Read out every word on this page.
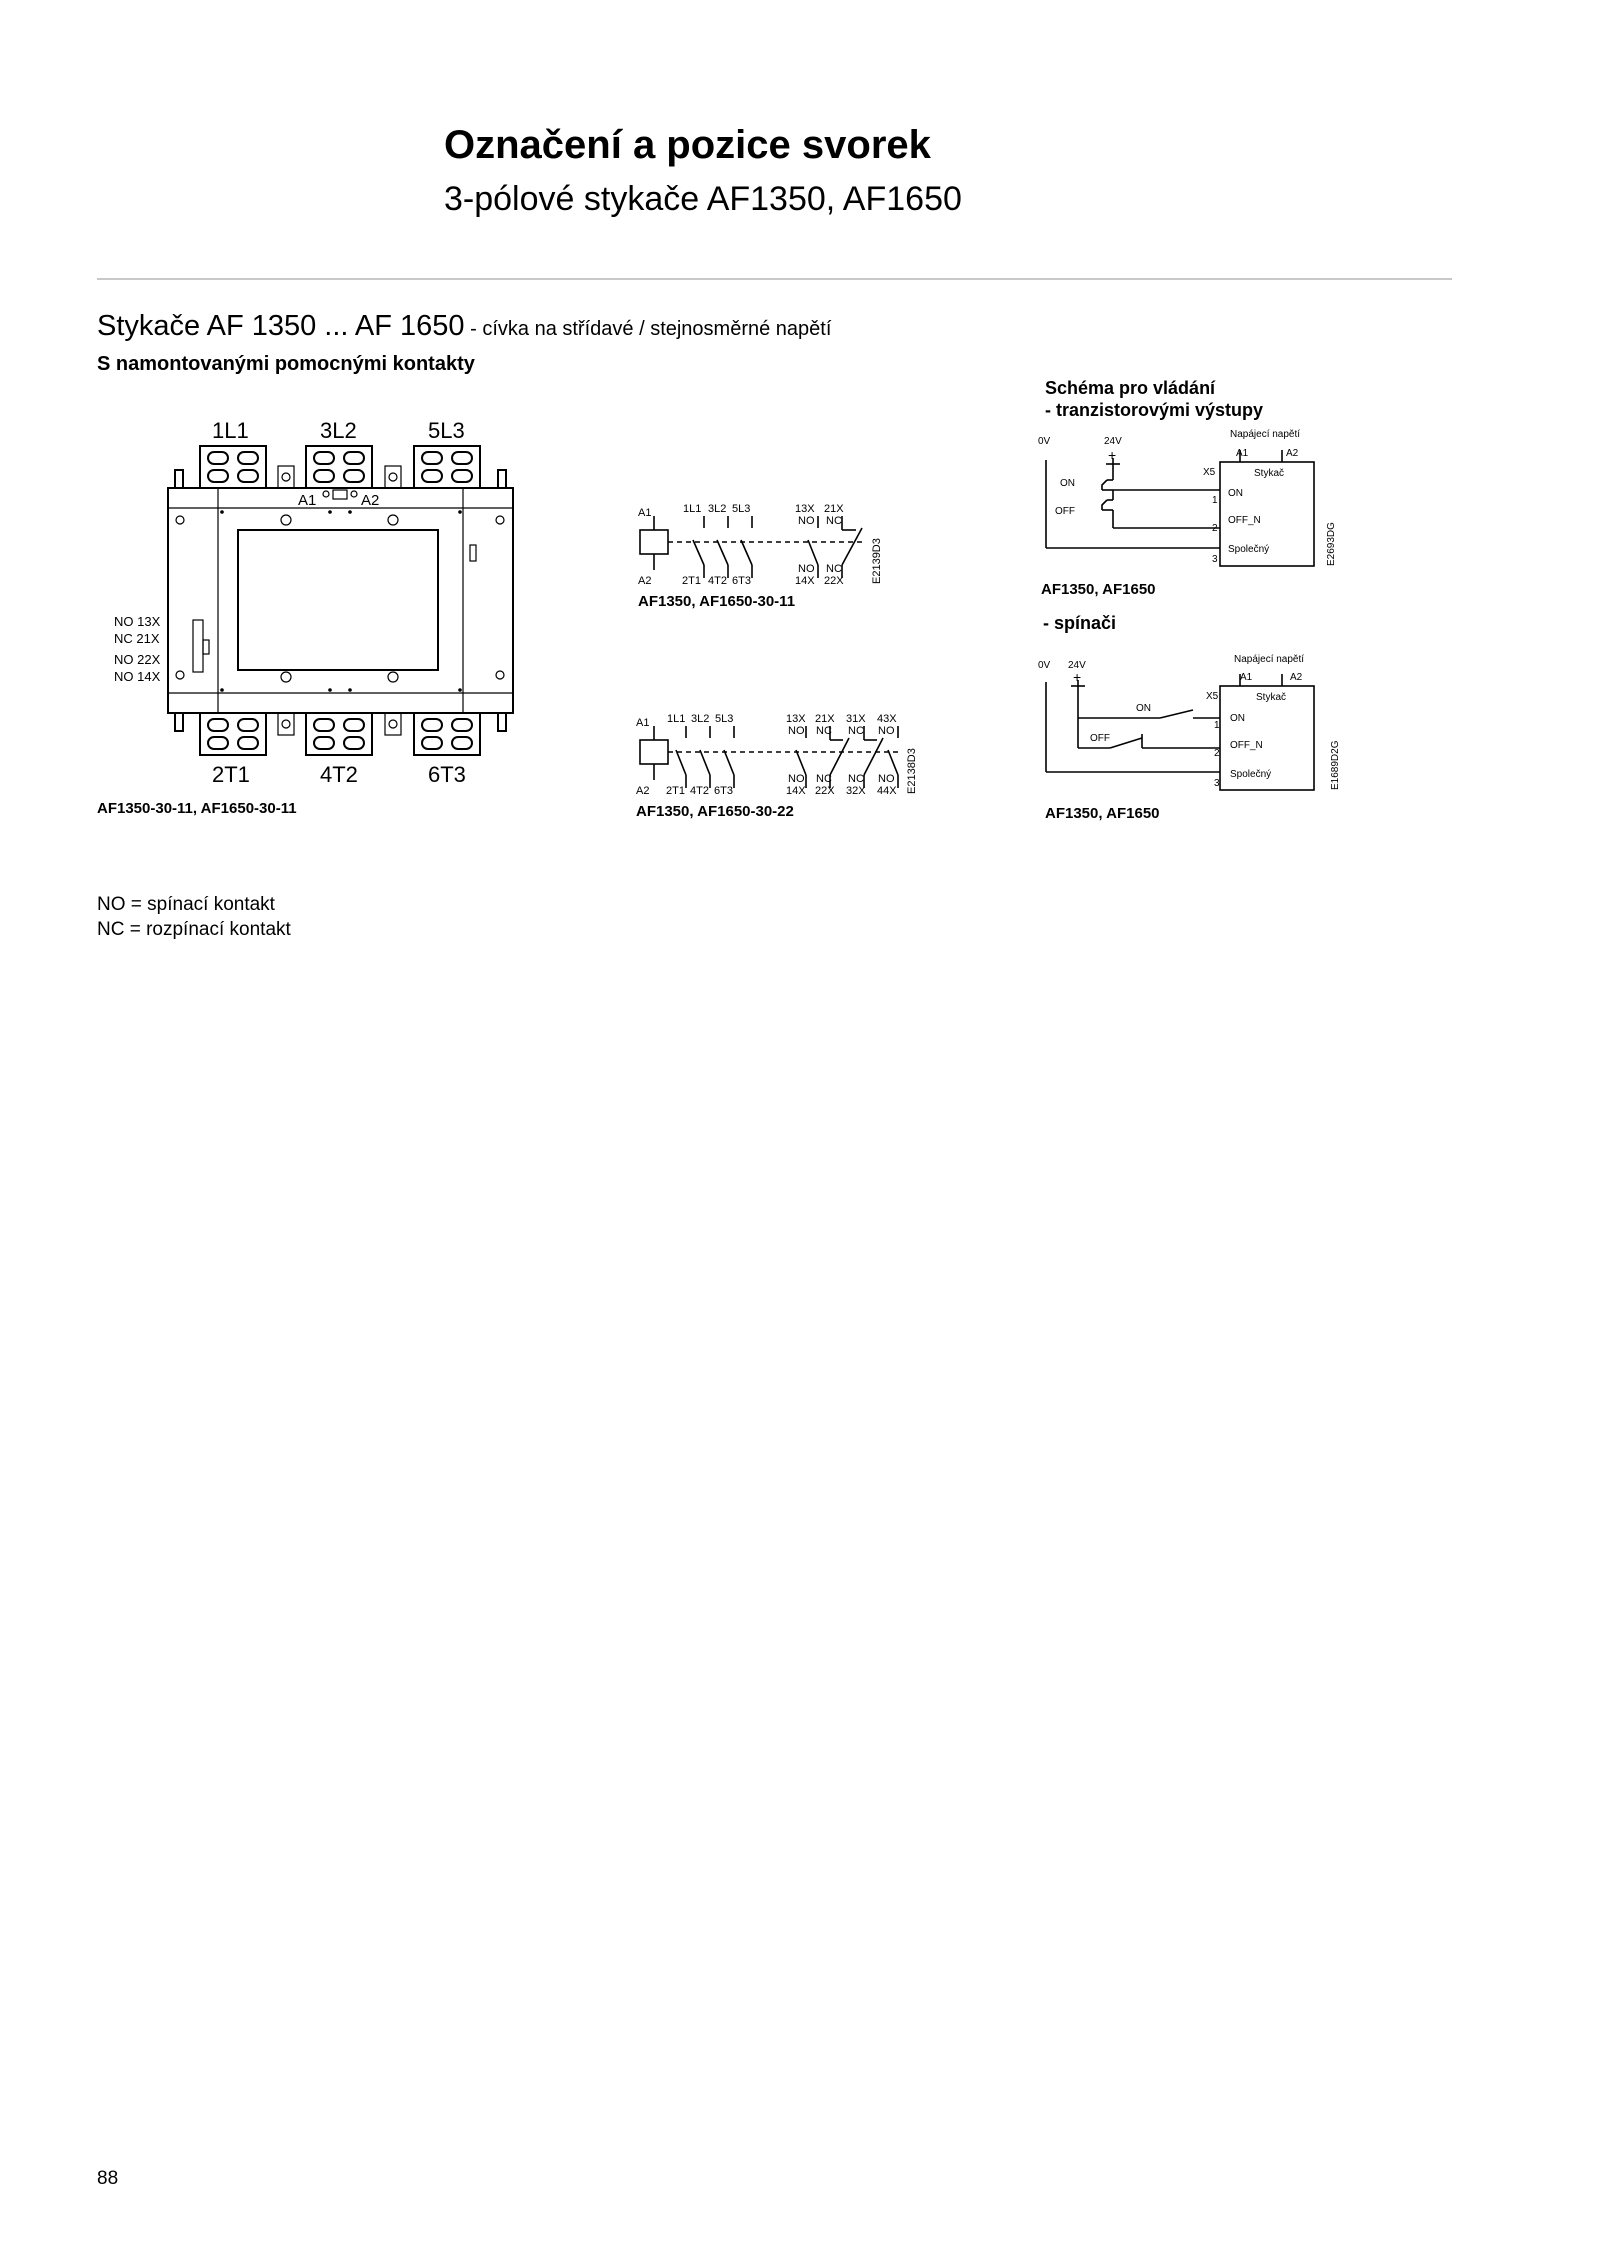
Označení a pozice svorek
3-pólové stykače AF1350, AF1650
Stykače AF 1350 ... AF 1650 - cívka na střídavé / stejnosměrné napětí
S namontovanými pomocnými kontakty
1L1	3L2	5L3
2T1	4T2	6T3
A1	A2
NO 13X
NC 21X
NO 22X
NO 14X
AF1350-30-11, AF1650-30-11
A1
A2
1L1 3L2 5L3	13X 21X
NO NC
2T1 4T2 6T3	14X 22X
NO NC	E2139D3
AF1350, AF1650-30-11
A1
A2
1L1 3L2 5L3	13X 21X 31X 43X
NO NC NC NO
2T1 4T2 6T3	14X 22X 32X 44X
NO NC NC NO E2138D3
AF1350, AF1650-30-22
Schéma pro vládání
- tranzistorovými výstupy
0V	24V
+
ON
OFF
X5
Napájecí napětí
A1	A2
Stykač
1
2
3
ON
OFF_N
Společný	E2693DG
AF1350, AF1650
- spínači
0V 24V
+
ON
OFF
X5
Napájecí napětí
A1	A2
Stykač
1
2
3
ON
OFF_N
Společný	E1689D2G
AF1350, AF1650
NO = spínací kontakt
NC = rozpínací kontakt
88
